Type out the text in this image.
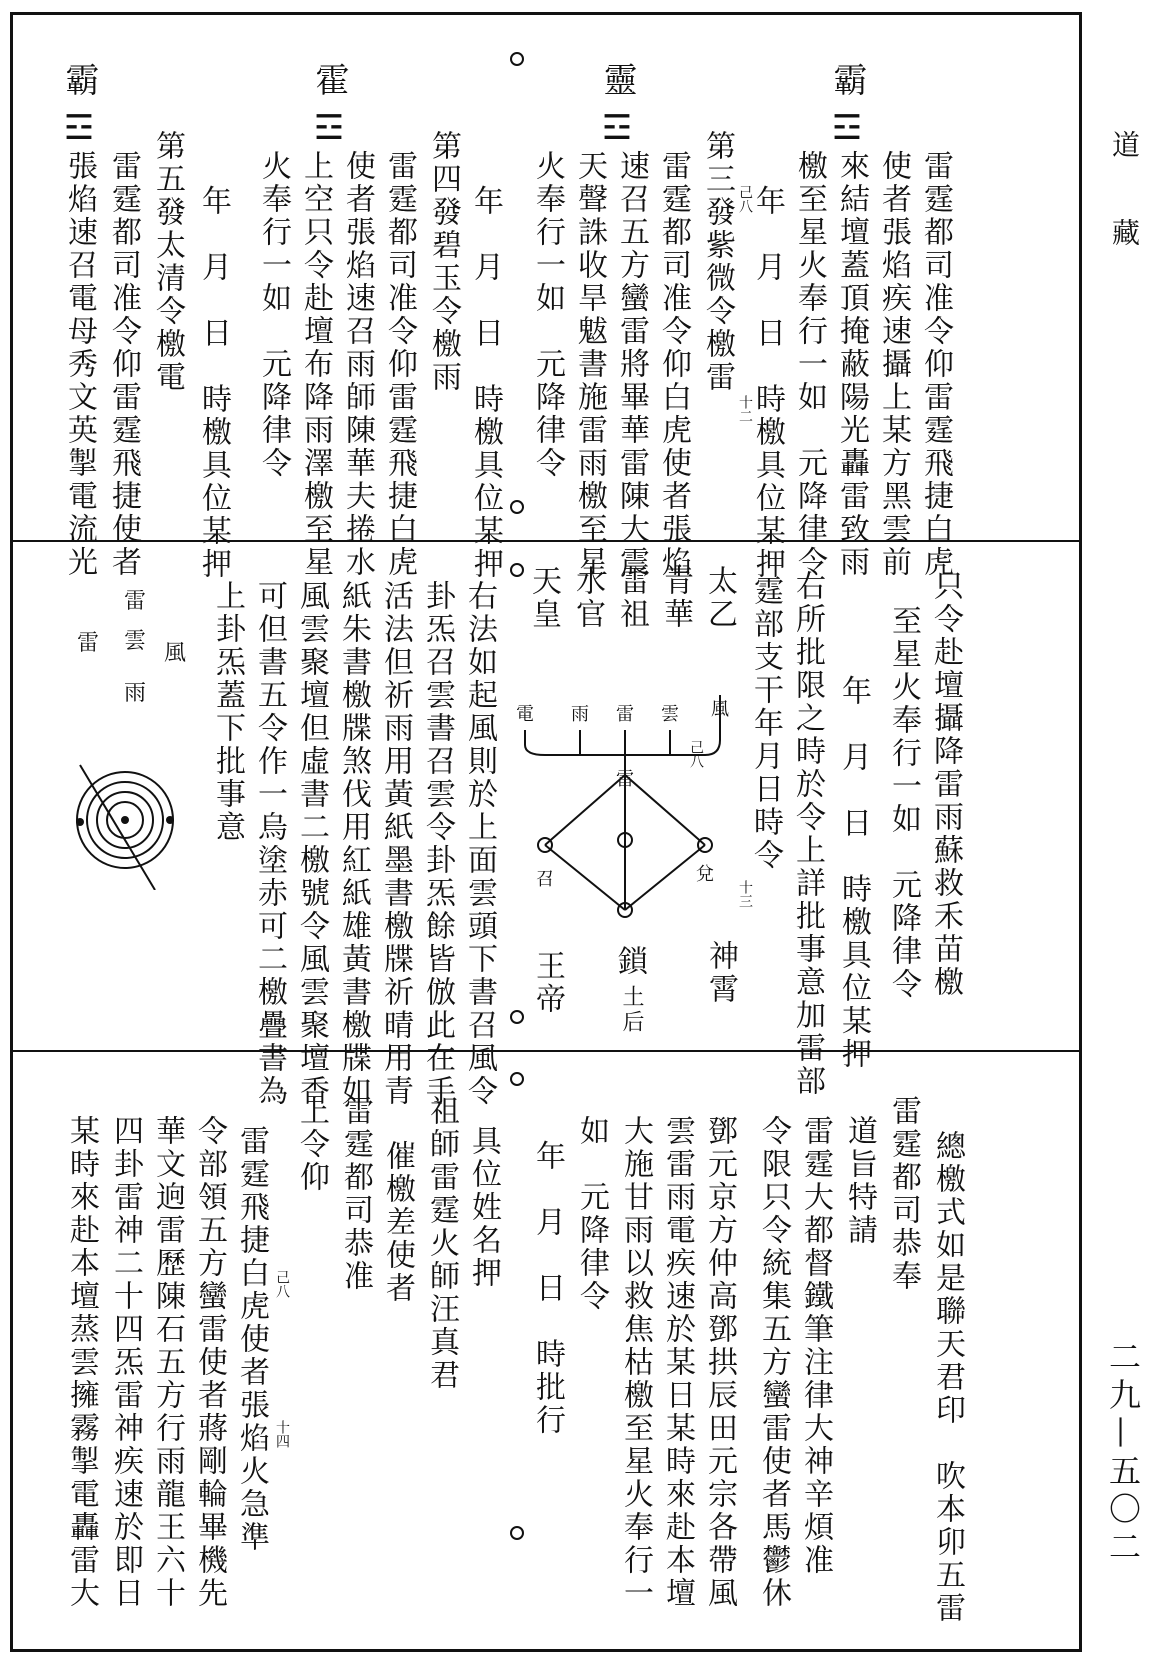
道　藏
二九—五〇二
霸
☲
靈
☲
霍
☲
霸
☲
雷霆都司准令仰雷霆飛捷白虎
使者張焰疾速攝上某方黑雲前
來結壇蓋頂掩蔽陽光轟雷致雨
檄至星火奉行一如　元降律令
年　月　日　時檄具位某押
第三發紫微令檄雷
雷霆都司准令仰白虎使者張焰
速召五方蠻雷將畢華雷陳大震
天聲誅收旱魃書施雷雨檄至星
火奉行一如　元降律令
年　月　日　時檄具位某押
第四發碧玉令檄雨
雷霆都司准令仰雷霆飛捷白虎
使者張焰速召雨師陳華夫捲水
上空只令赴壇布降雨澤檄至星
火奉行一如　元降律令
年　月　日　時檄具位某押
第五發太清令檄電
雷霆都司准令仰雷霆飛捷使者
張焰速召電母秀文英掣電流光	己八
十二
己八	只令赴壇攝降雷雨蘇救禾苗檄
至星火奉行一如　元降律令
年　月　日　時檄具位某押
右所批限之時於令上詳批事意加雷部
霆部支干年月日時令
太乙
青華
雷祖
水官
天皇
右法如起風則於上面雲頭下書召風令
卦炁召雲書召雲令卦炁餘皆倣此在手
活法但祈雨用黃紙墨書檄牒祈晴用青
紙朱書檄牒煞伐用紅紙雄黃書檄牒如
風雲聚壇但虛書二檄號令風雲聚壇香
可但書五令作一烏塗赤可二檄疊書為
上卦炁蓋下批事意
十三
風
雲
雷
雨
電
雷
兌
召
神霄
王帝 鎖
土后
風
雷
雲
雨
雷
總檄式如是聯天君印　吹本卯五雷
雷霆都司恭奉
道旨特請
雷霆大都督鐵筆注律大神辛煩准
令限只令統集五方蠻雷使者馬鬱休
鄧元京方仲高鄧拱辰田元宗各帶風
雲雷雨電疾速於某日某時來赴本壇
大施甘雨以救焦枯檄至星火奉行一
如　元降律令
年　月　日　時批行
具位姓名押
祖師雷霆火師汪真君
催檄差使者
雷霆都司恭准
上令仰
雷霆飛捷白虎使者張焰火急準
令部領五方蠻雷使者蔣剛輪畢機先
華文逈雷歷陳石五方行雨龍王六十
四卦雷神二十四炁雷神疾速於即日
某時來赴本壇蒸雲擁霧掣電轟雷大	己八
十四
